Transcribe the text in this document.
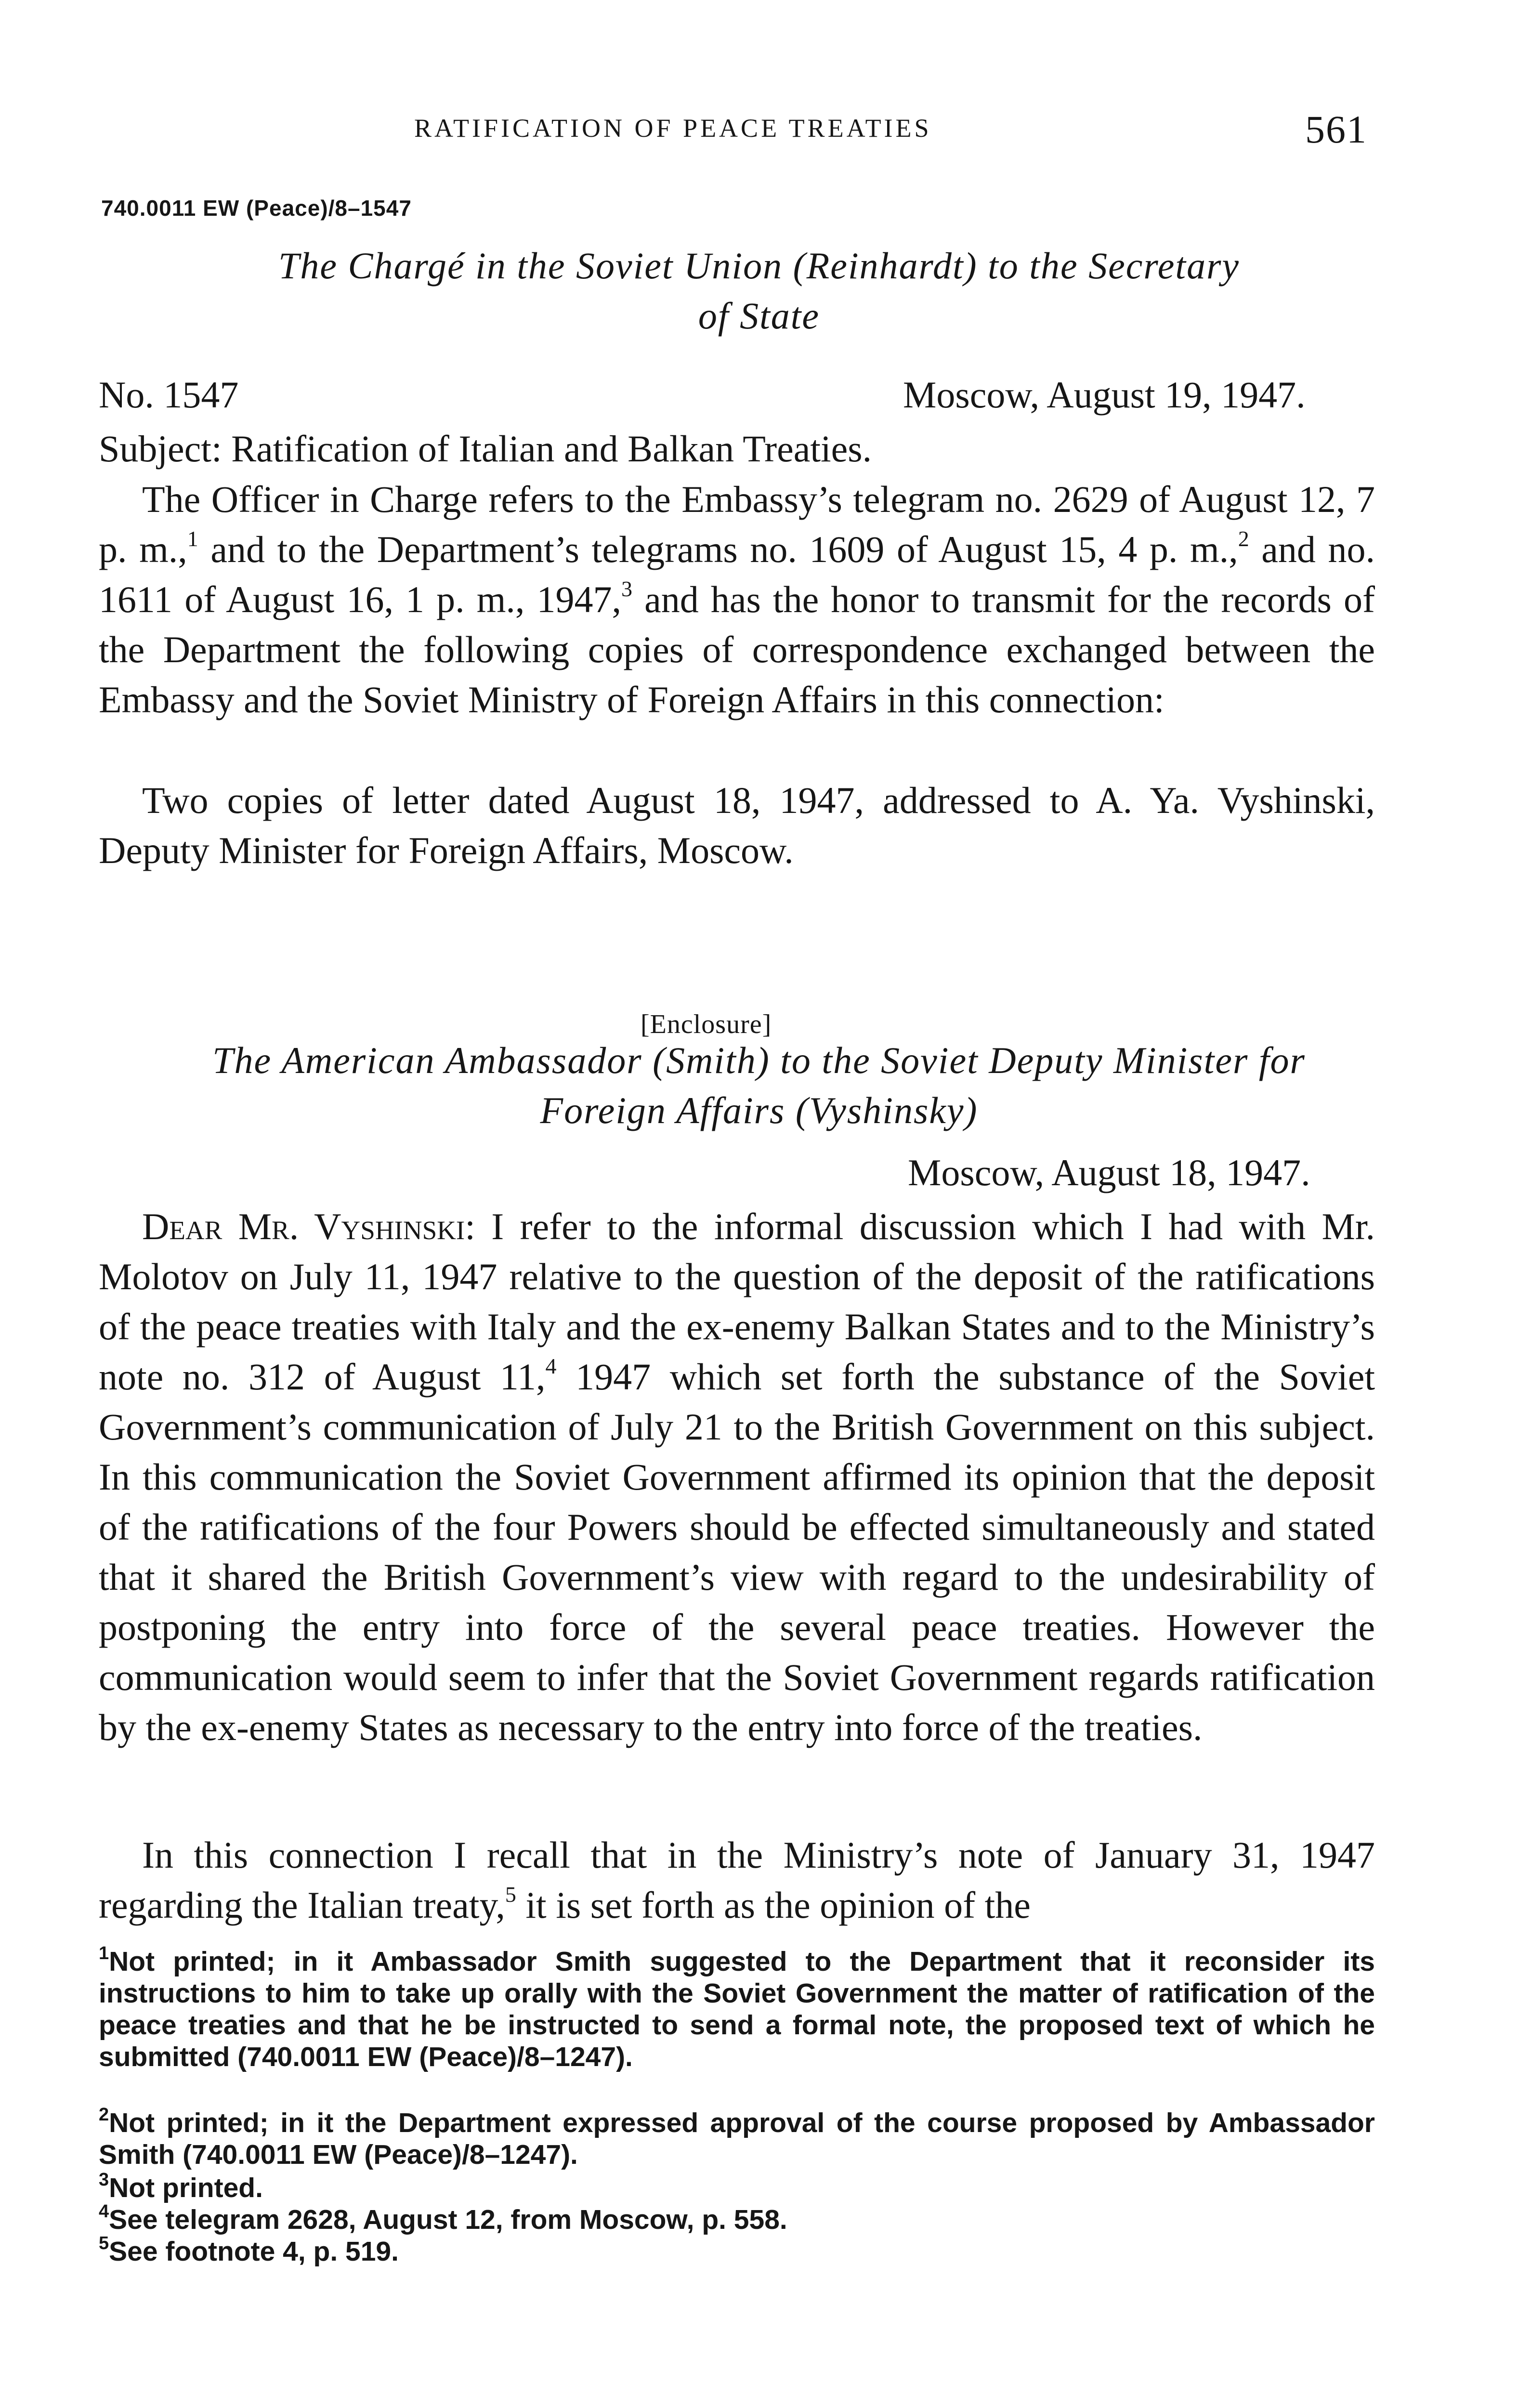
RATIFICATION OF PEACE TREATIES	561
740.0011 EW (Peace)/8–1547
The Chargé in the Soviet Union (Reinhardt) to the Secretary
of State
No. 1547	Moscow, August 19, 1947.
Subject: Ratification of Italian and Balkan Treaties.
The Officer in Charge refers to the Embassy’s telegram no. 2629 of August 12, 7 p. m.,$^1$ and to the Department’s telegrams no. 1609 of August 15, 4 p. m.,$^2$ and no. 1611 of August 16, 1 p. m., 1947,$^3$ and has the honor to transmit for the records of the Department the following copies of correspondence exchanged between the Embassy and the Soviet Ministry of Foreign Affairs in this connection:
Two copies of letter dated August 18, 1947, addressed to A. Ya. Vyshinski, Deputy Minister for Foreign Affairs, Moscow.
[Enclosure]
The American Ambassador (Smith) to the Soviet Deputy Minister for
Foreign Affairs (Vyshinsky)
Moscow, August 18, 1947.
Dear Mr. Vyshinski: I refer to the informal discussion which I had with Mr. Molotov on July 11, 1947 relative to the question of the deposit of the ratifications of the peace treaties with Italy and the ex-enemy Balkan States and to the Ministry’s note no. 312 of August 11,$^4$ 1947 which set forth the substance of the Soviet Government’s communication of July 21 to the British Government on this subject. In this communication the Soviet Government affirmed its opinion that the deposit of the ratifications of the four Powers should be effected simultaneously and stated that it shared the British Government’s view with regard to the undesirability of postponing the entry into force of the several peace treaties. However the communication would seem to infer that the Soviet Government regards ratification by the ex-enemy States as necessary to the entry into force of the treaties.
In this connection I recall that in the Ministry’s note of January 31, 1947 regarding the Italian treaty,$^5$ it is set forth as the opinion of the
$^1$Not printed; in it Ambassador Smith suggested to the Department that it reconsider its instructions to him to take up orally with the Soviet Government the matter of ratification of the peace treaties and that he be instructed to send a formal note, the proposed text of which he submitted (740.0011 EW (Peace)/8–1247).
$^2$Not printed; in it the Department expressed approval of the course proposed by Ambassador Smith (740.0011 EW (Peace)/8–1247).
$^3$Not printed.
$^4$See telegram 2628, August 12, from Moscow, p. 558.
$^5$See footnote 4, p. 519.
